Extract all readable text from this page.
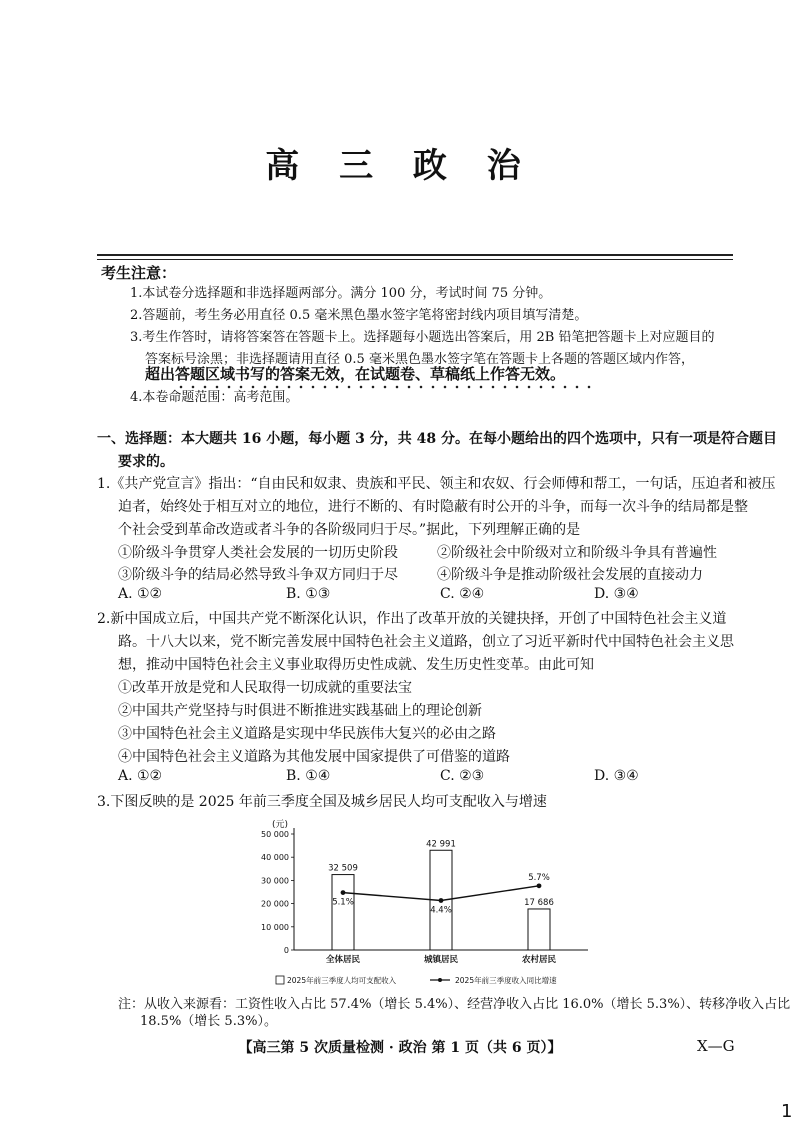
高 三 政 治
考生注意：
1.本试卷分选择题和非选择题两部分。满分 100 分，考试时间 75 分钟。
2.答题前，考生务必用直径 0.5 毫米黑色墨水签字笔将密封线内项目填写清楚。
3.考生作答时，请将答案答在答题卡上。选择题每小题选出答案后，用 2B 铅笔把答题卡上对应题目的
答案标号涂黑；非选择题请用直径 0.5 毫米黑色墨水签字笔在答题卡上各题的答题区域内作答，
超出答题区域书写的答案无效，在试题卷、草稿纸上作答无效。
4.本卷命题范围：高考范围。
一、选择题：本大题共 16 小题，每小题 3 分，共 48 分。在每小题给出的四个选项中，只有一项是符合题目
要求的。
1.《共产党宣言》指出：“自由民和奴隶、贵族和平民、领主和农奴、行会师傅和帮工，一句话，压迫者和被压
迫者，始终处于相互对立的地位，进行不断的、有时隐蔽有时公开的斗争，而每一次斗争的结局都是整
个社会受到革命改造或者斗争的各阶级同归于尽。”据此，下列理解正确的是
①阶级斗争贯穿人类社会发展的一切历史阶段	②阶级社会中阶级对立和阶级斗争具有普遍性
③阶级斗争的结局必然导致斗争双方同归于尽	④阶级斗争是推动阶级社会发展的直接动力
A. ①②	B. ①③	C. ②④	D. ③④
2.新中国成立后，中国共产党不断深化认识，作出了改革开放的关键抉择，开创了中国特色社会主义道
路。十八大以来，党不断完善发展中国特色社会主义道路，创立了习近平新时代中国特色社会主义思
想，推动中国特色社会主义事业取得历史性成就、发生历史性变革。由此可知
①改革开放是党和人民取得一切成就的重要法宝
②中国共产党坚持与时俱进不断推进实践基础上的理论创新
③中国特色社会主义道路是实现中华民族伟大复兴的必由之路
④中国特色社会主义道路为其他发展中国家提供了可借鉴的道路
A. ①②	B. ①④	C. ②③	D. ③④
3.下图反映的是 2025 年前三季度全国及城乡居民人均可支配收入与增速
(元)
0
10 000
20 000
30 000
40 000
50 000
32 509
42 991
17 686
5.1%
4.4%
5.7%
全体居民	城镇居民	农村居民
2025年前三季度人均可支配收入	2025年前三季度收入同比增速
注：从收入来源看：工资性收入占比 57.4%（增长 5.4%）、经营净收入占比 16.0%（增长 5.3%）、转移净收入占比
18.5%（增长 5.3%）。
【高三第 5 次质量检测 · 政治 第 1 页（共 6 页）】	X—G
1
